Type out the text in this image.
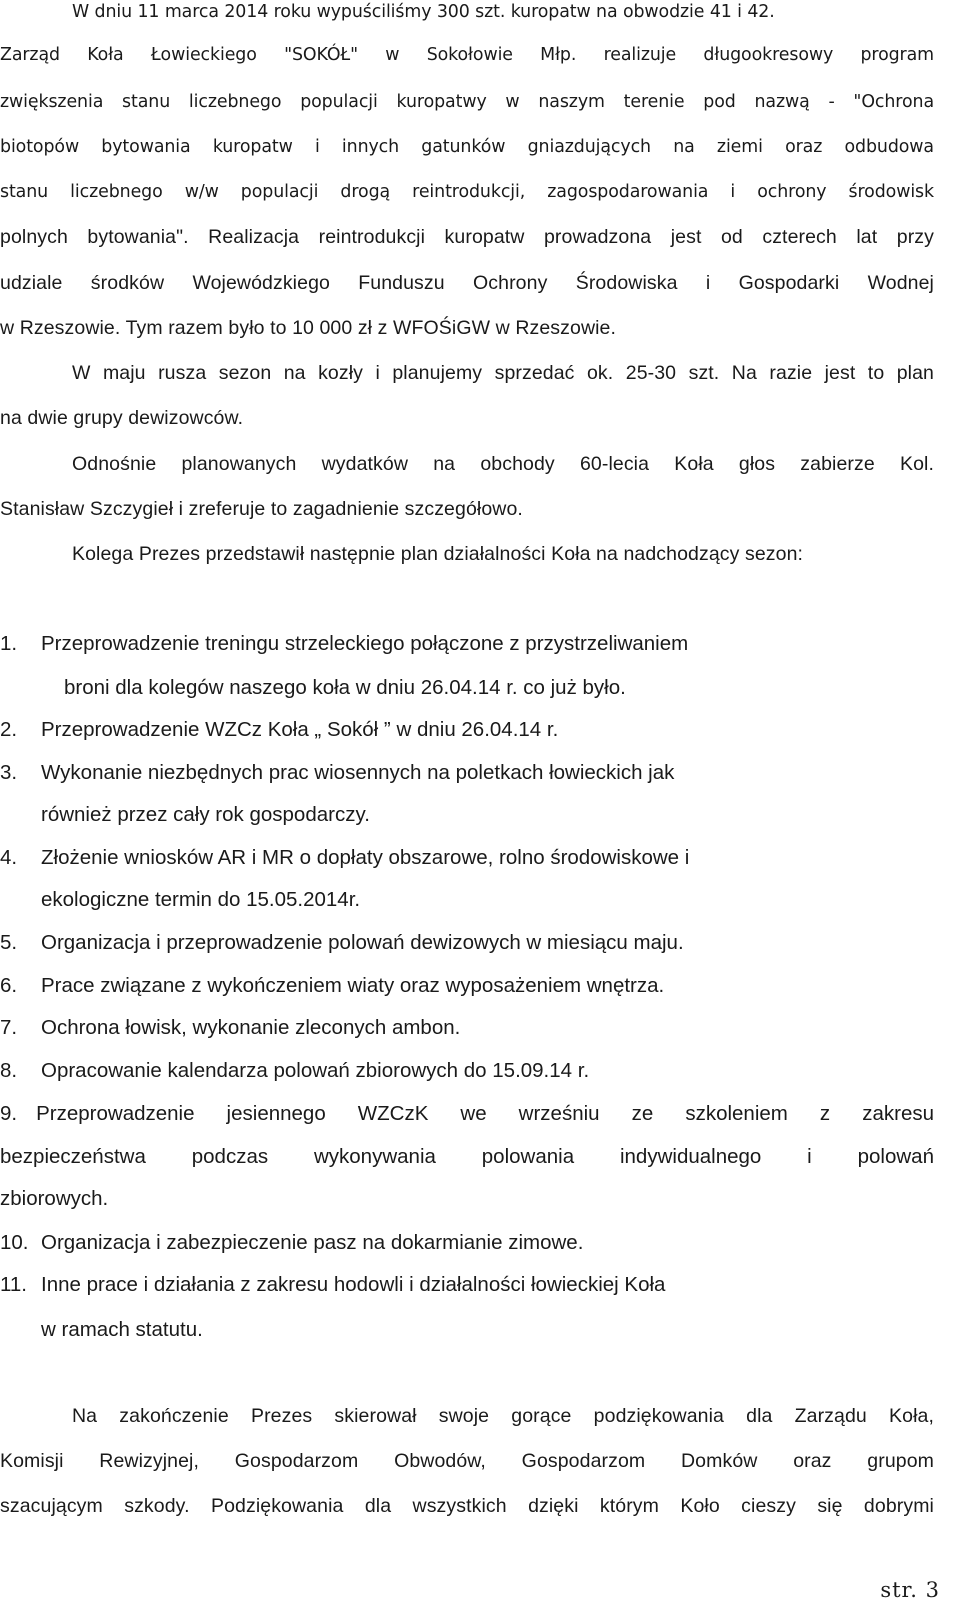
W dniu 11 marca 2014 roku wypuściliśmy 300 szt. kuropatw na obwodzie 41 i 42.

Zarząd Koła Łowieckiego "SOKÓŁ" w Sokołowie Młp. realizuje długookresowy program

zwiększenia stanu liczebnego populacji kuropatwy w naszym terenie pod nazwą - "Ochrona

biotopów bytowania kuropatw i innych gatunków gniazdujących na ziemi oraz odbudowa

stanu liczebnego w/w populacji drogą reintrodukcji, zagospodarowania i ochrony środowisk

polnych bytowania". Realizacja reintrodukcji kuropatw prowadzona jest od czterech lat przy

udziale środków Wojewódzkiego Funduszu Ochrony Środowiska i Gospodarki Wodnej

w Rzeszowie. Tym razem było to 10 000 zł z WFOŚiGW w Rzeszowie.

W maju rusza sezon na kozły i planujemy sprzedać ok. 25-30 szt. Na razie jest to plan

na dwie grupy dewizowców.

Odnośnie planowanych wydatków na obchody 60-lecia Koła głos zabierze Kol.

Stanisław Szczygieł i zreferuje to zagadnienie szczegółowo.

Kolega Prezes przedstawił następnie plan działalności Koła na nadchodzący sezon:

1. Przeprowadzenie treningu strzeleckiego połączone z przystrzeliwaniem

broni dla kolegów naszego koła w dniu 26.04.14 r. co już było.

2. Przeprowadzenie WZCz Koła „ Sokół ” w dniu 26.04.14 r.

3. Wykonanie niezbędnych prac wiosennych na poletkach łowieckich jak

również przez cały rok gospodarczy.

4. Złożenie wniosków AR i MR o dopłaty obszarowe, rolno środowiskowe i

ekologiczne termin do 15.05.2014r.

5. Organizacja i przeprowadzenie polowań dewizowych w miesiącu maju.

6. Prace związane z wykończeniem wiaty oraz wyposażeniem wnętrza.

7. Ochrona łowisk, wykonanie zleconych ambon.

8. Opracowanie kalendarza polowań zbiorowych do 15.09.14 r.

9. Przeprowadzenie jesiennego WZCzK we wrześniu ze szkoleniem z zakresu

bezpieczeństwa podczas wykonywania polowania indywidualnego i polowań

zbiorowych.

10. Organizacja i zabezpieczenie pasz na dokarmianie zimowe.

11. Inne prace i działania z zakresu hodowli i działalności łowieckiej Koła

w ramach statutu.

Na zakończenie Prezes skierował swoje gorące podziękowania dla Zarządu Koła,

Komisji Rewizyjnej, Gospodarzom Obwodów, Gospodarzom Domków oraz grupom

szacującym szkody. Podziękowania dla wszystkich dzięki którym Koło cieszy się dobrymi

str. 3
